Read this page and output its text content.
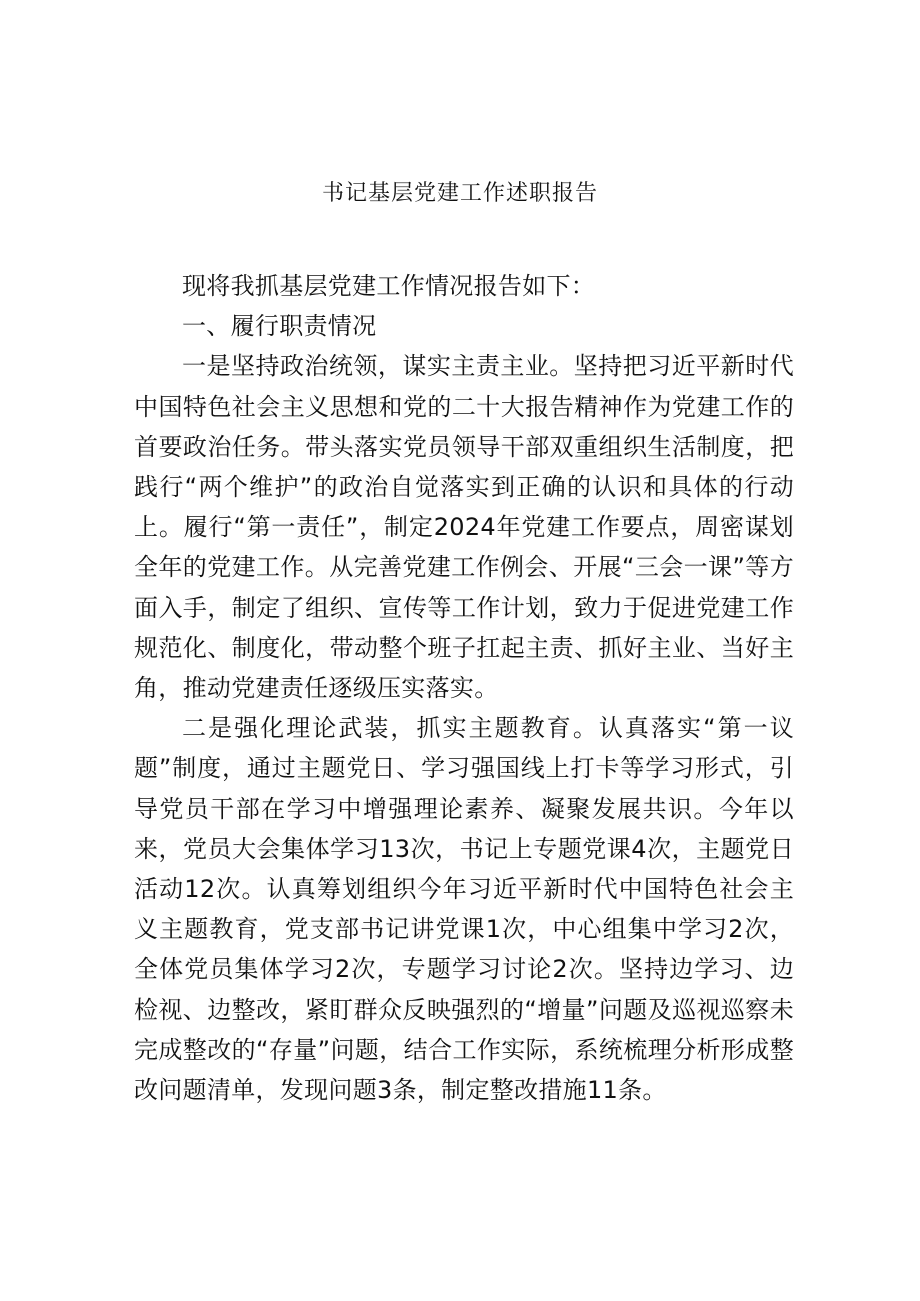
书记基层党建工作述职报告

现将我抓基层党建工作情况报告如下：

一、履行职责情况

一是坚持政治统领，谋实主责主业。坚持把习近平新时代中国特色社会主义思想和党的二十大报告精神作为党建工作的首要政治任务。带头落实党员领导干部双重组织生活制度，把践行“两个维护”的政治自觉落实到正确的认识和具体的行动上。履行“第一责任”，制定2024年党建工作要点，周密谋划全年的党建工作。从完善党建工作例会、开展“三会一课”等方面入手，制定了组织、宣传等工作计划，致力于促进党建工作规范化、制度化，带动整个班子扛起主责、抓好主业、当好主角，推动党建责任逐级压实落实。

二是强化理论武装，抓实主题教育。认真落实“第一议题”制度，通过主题党日、学习强国线上打卡等学习形式，引导党员干部在学习中增强理论素养、凝聚发展共识。今年以来，党员大会集体学习13次，书记上专题党课4次，主题党日活动12次。认真筹划组织今年习近平新时代中国特色社会主义主题教育，党支部书记讲党课1次，中心组集中学习2次，全体党员集体学习2次，专题学习讨论2次。坚持边学习、边检视、边整改，紧盯群众反映强烈的“增量”问题及巡视巡察未完成整改的“存量”问题，结合工作实际，系统梳理分析形成整改问题清单，发现问题3条，制定整改措施11条。
